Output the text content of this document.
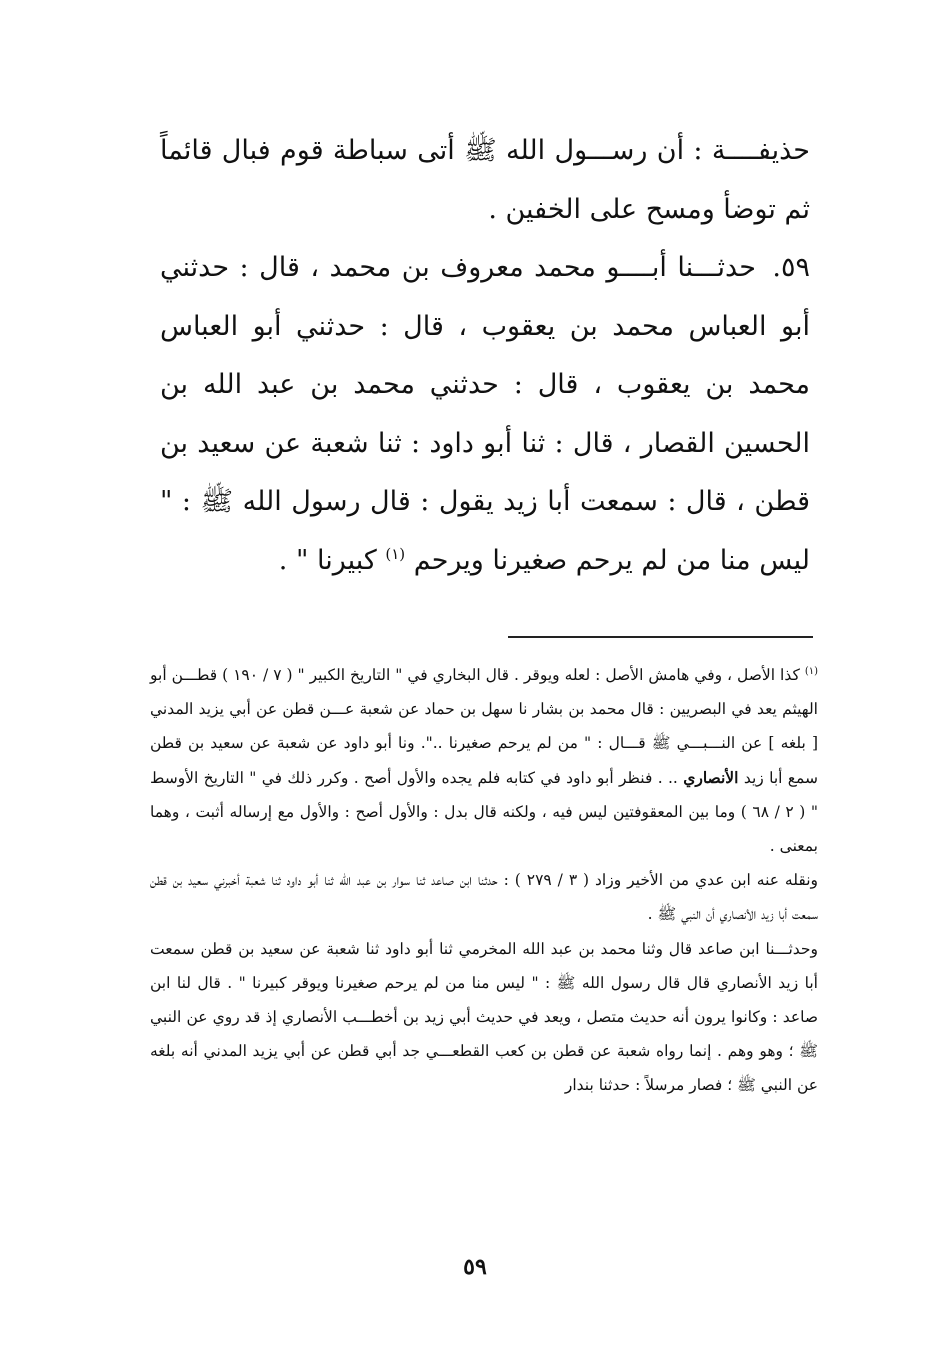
حذيفــــة : أن رســـول الله ﷺ أتى سباطة قوم فبال قائماً ثم توضأ ومسح على الخفين .

٥٩. حدثـــنا أبــــو محمد معروف بن محمد ، قال : حدثني أبو العباس محمد بن يعقوب ، قال : حدثني أبو العباس محمد بن يعقوب ، قال : حدثني محمد بن عبد الله بن الحسين القصار ، قال : ثنا أبو داود : ثنا شعبة عن سعيد بن قطن ، قال : سمعت أبا زيد يقول : قال رسول الله ﷺ : " ليس منا من لم يرحم صغيرنا ويرحم $^{(١)}$ كبيرنا " .

$^{(١)}$ كذا الأصل ، وفي هامش الأصل : لعله ويوقر . قال البخاري في " التاريخ الكبير " ( ٧ / ١٩٠ ) قطـــن أبو الهيثم يعد في البصريين : قال محمد بن بشار نا سهل بن حماد عن شعبة عـــن قطن عن أبي يزيد المدني [ بلغه ] عن النـــبـــي ﷺ قـــال : " من لم يرحم صغيرنا ..". ونا أبو داود عن شعبة عن سعيد بن قطن سمع أبا زيد الأنصاري .. . فنظر أبو داود في كتابه فلم يجده والأول أصح . وكرر ذلك في " التاريخ الأوسط " ( ٢ / ٦٨ ) وما بين المعقوفتين ليس فيه ، ولكنه قال بدل : والأول أصح : والأول مع إرساله أثبت ، وهما بمعنى .

ونقله عنه ابن عدي من الأخير وزاد ( ٣ / ٢٧٩ ) : حدثنا ابن صاعد ثنا سوار بن عبد الله ثنا أبو داود ثنا شعبة أخبرني سعيد بن قطن سمعت أبا زيد الأنصاري أن النبي ﷺ .

وحدثـــنا ابن صاعد قال وثنا محمد بن عبد الله المخرمي ثنا أبو داود ثنا شعبة عن سعيد بن قطن سمعت أبا زيد الأنصاري قال قال رسول الله ﷺ : " ليس منا من لم يرحم صغيرنا ويوقر كبيرنا " . قال لنا ابن صاعد : وكانوا يرون أنه حديث متصل ، ويعد في حديث أبي زيد بن أخطـــب الأنصاري إذ قد روي عن النبي ﷺ ؛ وهو وهم . إنما رواه شعبة عن قطن بن كعب القطعـــي جد أبي قطن عن أبي يزيد المدني أنه بلغه عن النبي ﷺ ؛ فصار مرسلاً : حدثنا بندار

٥٩
